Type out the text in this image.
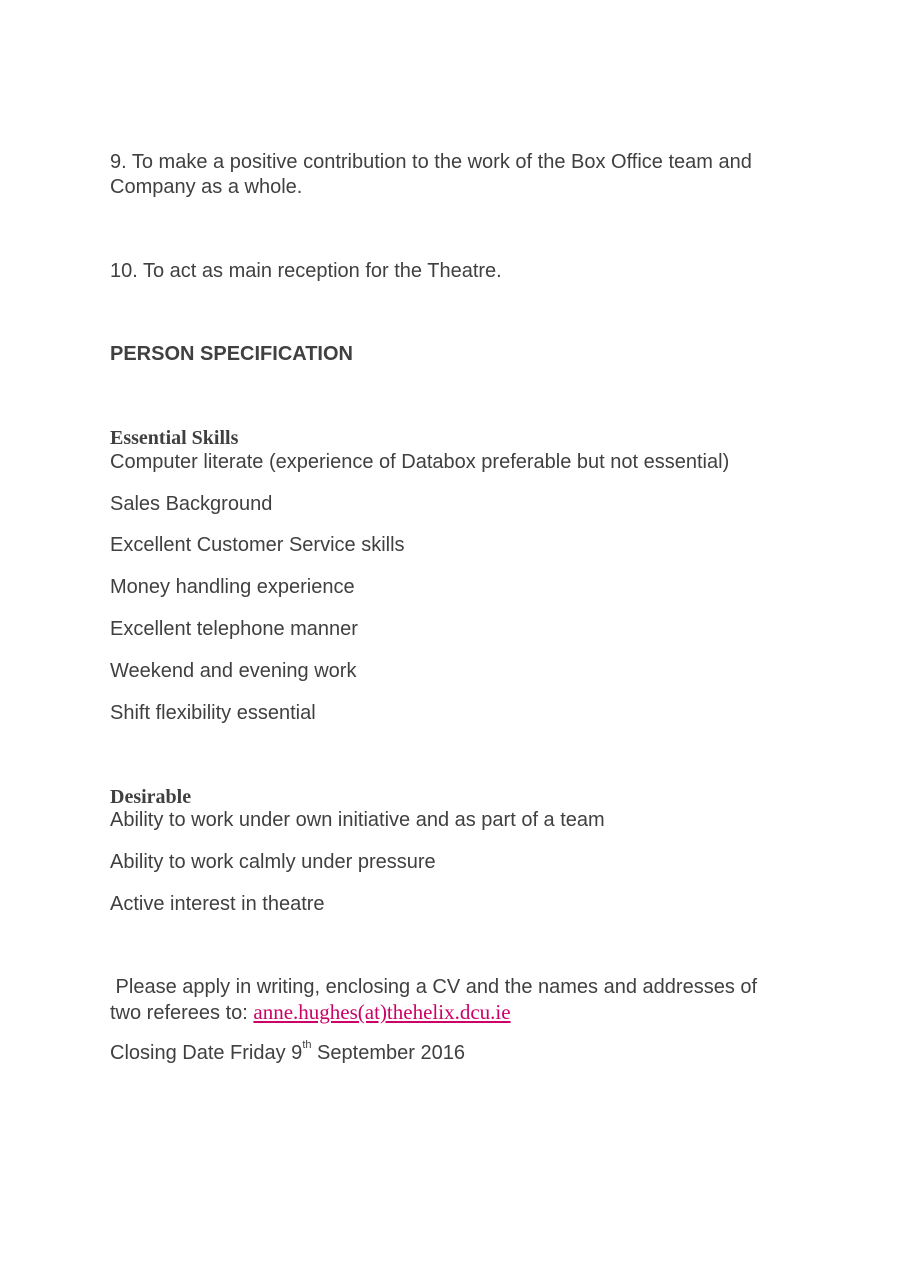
9. To make a positive contribution to the work of the Box Office team and
Company as a whole.
10. To act as main reception for the Theatre.
PERSON SPECIFICATION
Essential Skills
Computer literate (experience of Databox preferable but not essential)
Sales Background
Excellent Customer Service skills
Money handling experience
Excellent telephone manner
Weekend and evening work
Shift flexibility essential
Desirable
Ability to work under own initiative and as part of a team
Ability to work calmly under pressure
Active interest in theatre
Please apply in writing, enclosing a CV and the names and addresses of
two referees to: anne.hughes(at)thehelix.dcu.ie
Closing Date Friday 9th September 2016
